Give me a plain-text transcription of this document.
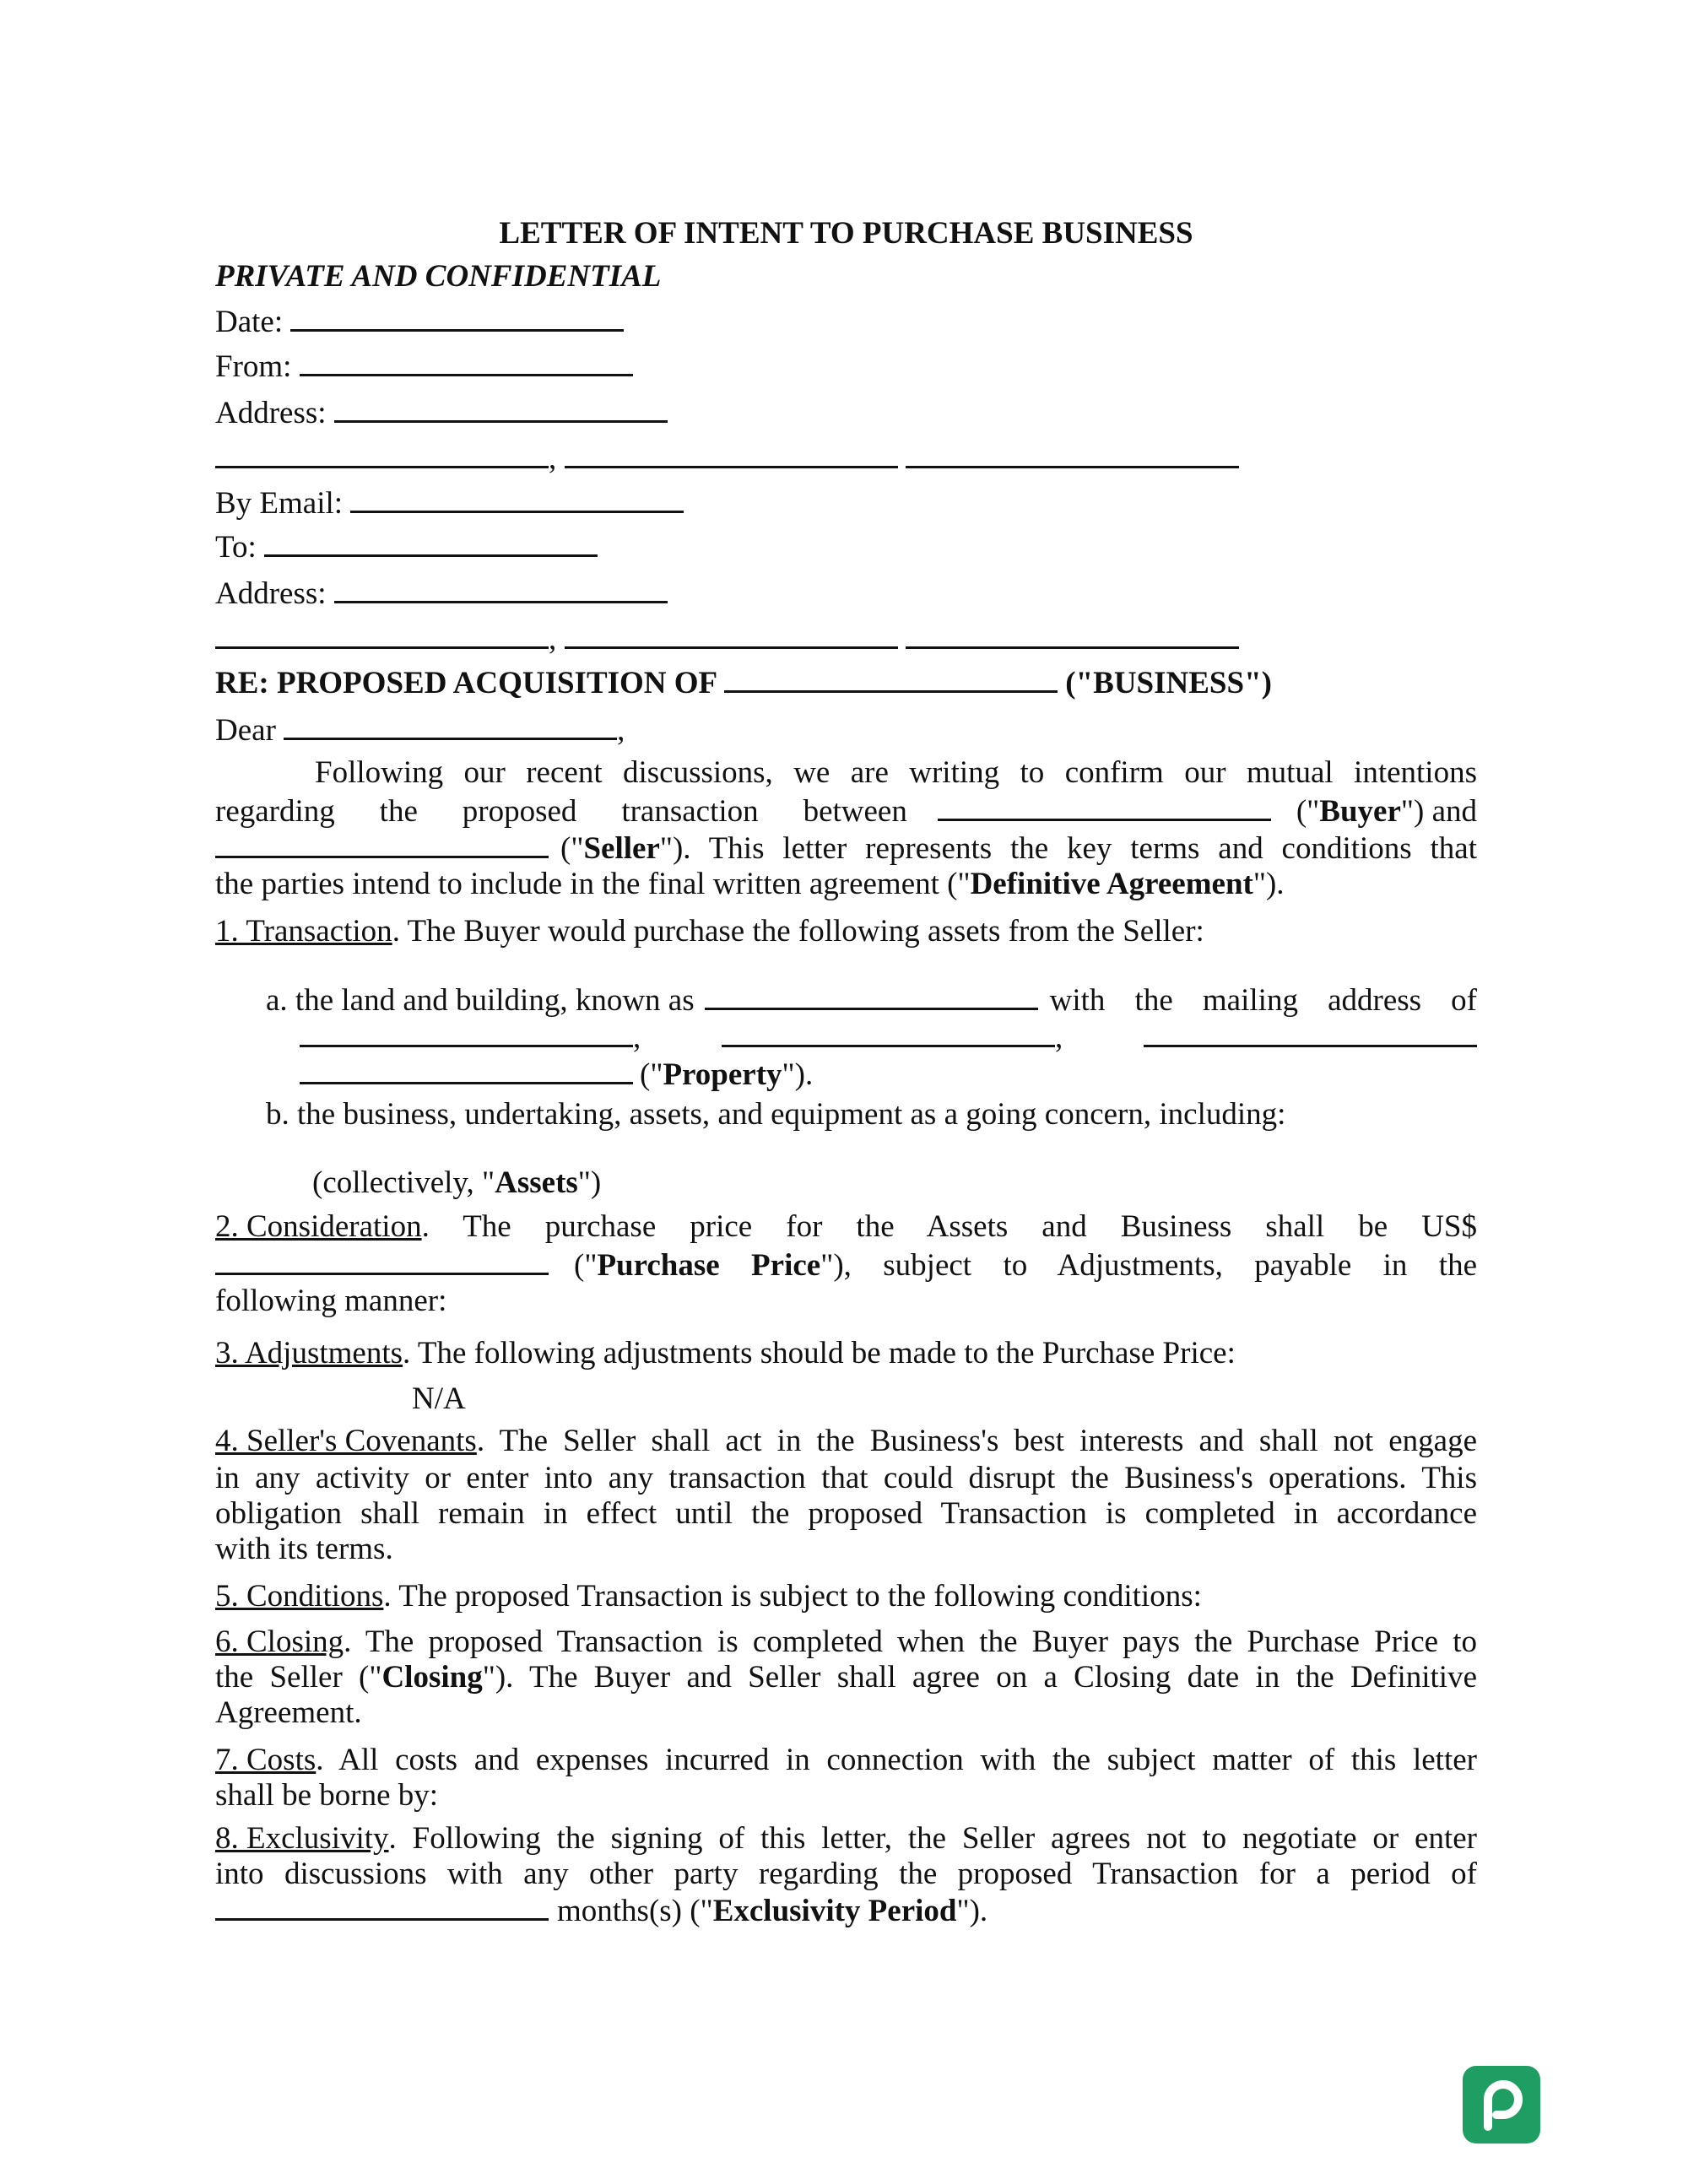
LETTER OF INTENT TO PURCHASE BUSINESS
PRIVATE AND CONFIDENTIAL
Date:
From:
Address:
,
By Email:
To:
Address:
,
RE: PROPOSED ACQUISITION OF	("BUSINESS")
Dear	,
Following our recent discussions, we are writing to confirm our mutual intentions
regarding the proposed transaction between	("Buyer") and
("Seller"). This letter represents the key terms and conditions that
the parties intend to include in the final written agreement ("Definitive Agreement").
1. Transaction. The Buyer would purchase the following assets from the Seller:
a. the land and building, known as	with the mailing address of
,	,
("Property").
b. the business, undertaking, assets, and equipment as a going concern, including:
(collectively, "Assets")
2. Consideration . The purchase price for the Assets and Business shall be US$
("Purchase Price"), subject to Adjustments, payable in the
following manner:
3. Adjustments. The following adjustments should be made to the Purchase Price:
N/A
4. Seller's Covenants . The Seller shall act in the Business's best interests and shall not engage
in any activity or enter into any transaction that could disrupt the Business's operations. This
obligation shall remain in effect until the proposed Transaction is completed in accordance
with its terms.
5. Conditions. The proposed Transaction is subject to the following conditions:
6. Closing . The proposed Transaction is completed when the Buyer pays the Purchase Price to
the Seller ("Closing"). The Buyer and Seller shall agree on a Closing date in the Definitive
Agreement.
7. Costs . All costs and expenses incurred in connection with the subject matter of this letter
shall be borne by:
8. Exclusivity . Following the signing of this letter, the Seller agrees not to negotiate or enter
into discussions with any other party regarding the proposed Transaction for a period of
months(s) ("Exclusivity Period").
